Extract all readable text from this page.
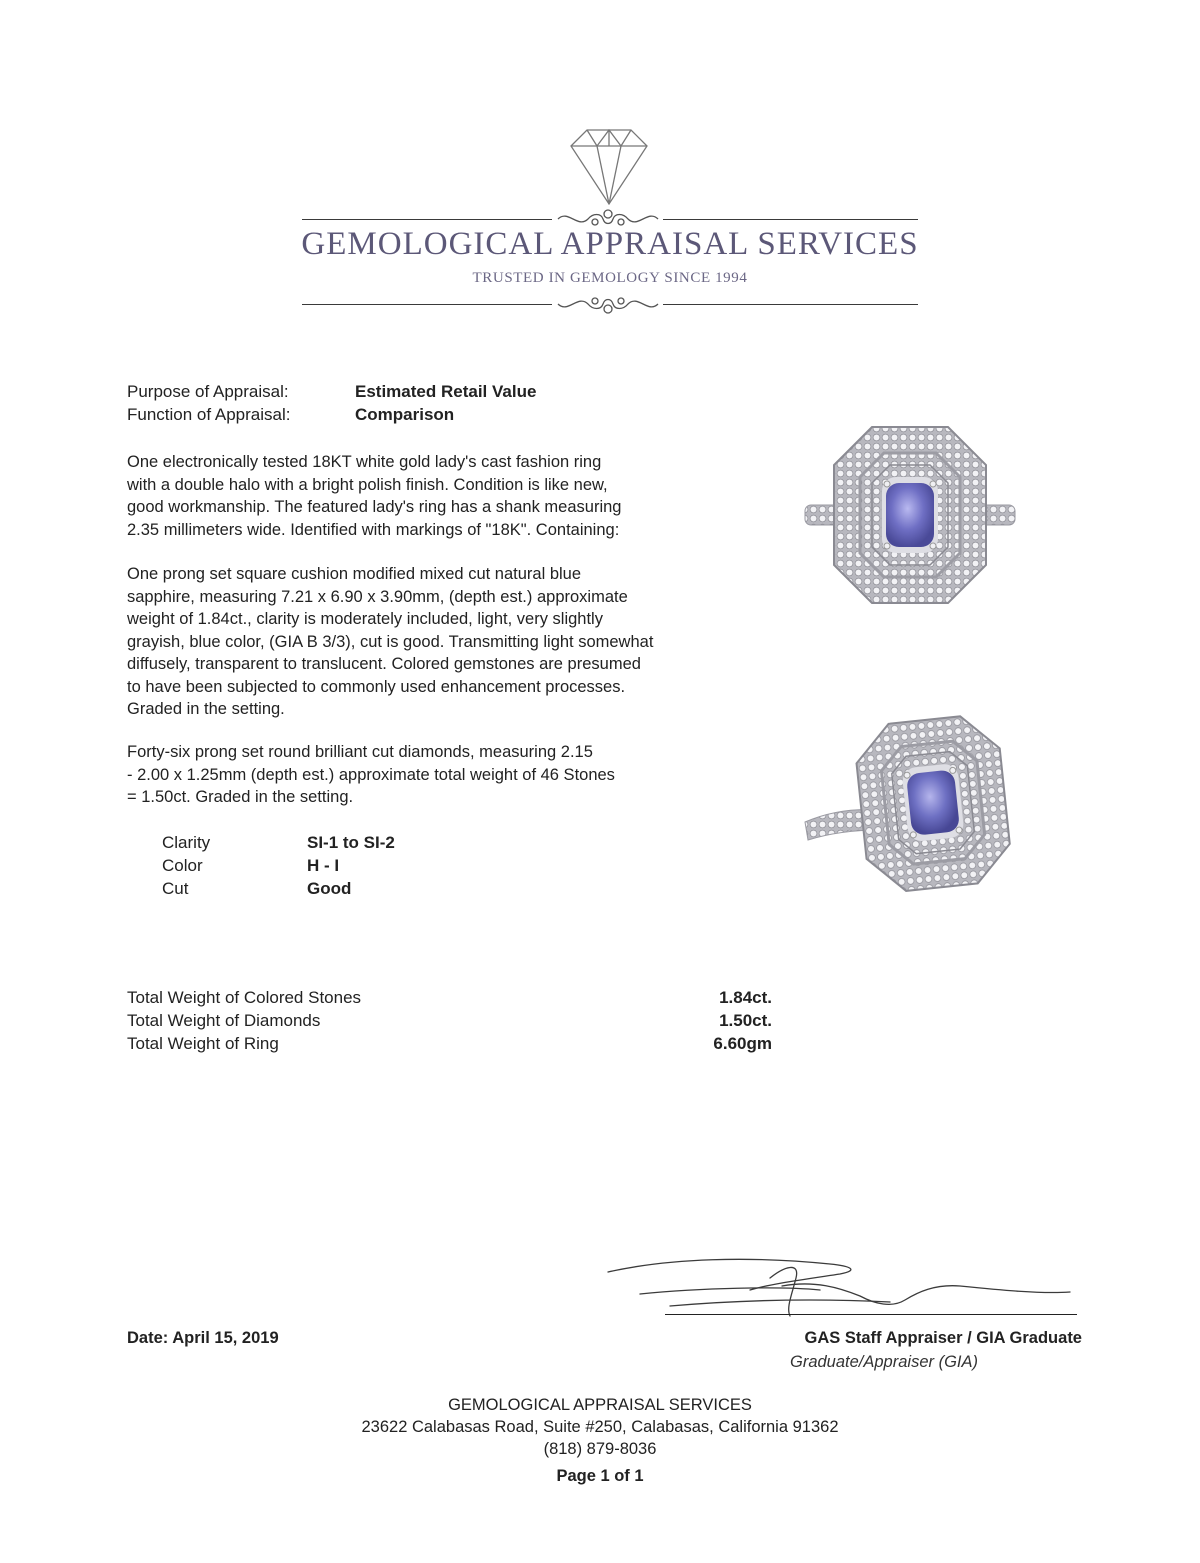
GEMOLOGICAL APPRAISAL SERVICES
TRUSTED IN GEMOLOGY SINCE 1994
Purpose of Appraisal:	Estimated Retail Value
Function of Appraisal:	Comparison
One electronically tested 18KT white gold lady's cast fashion ring
with a double halo with a bright polish finish. Condition is like new,
good workmanship. The featured lady's ring has a shank measuring
2.35 millimeters wide. Identified with markings of "18K". Containing:
One prong set square cushion modified mixed cut natural blue
sapphire, measuring 7.21 x 6.90 x 3.90mm, (depth est.) approximate
weight of 1.84ct., clarity is moderately included, light, very slightly
grayish, blue color, (GIA B 3/3), cut is good. Transmitting light somewhat
diffusely, transparent to translucent. Colored gemstones are presumed
to have been subjected to commonly used enhancement processes.
Graded in the setting.
Forty-six prong set round brilliant cut diamonds, measuring 2.15
- 2.00 x 1.25mm (depth est.) approximate total weight of 46 Stones
= 1.50ct. Graded in the setting.
Clarity	SI-1 to SI-2
Color	H - I
Cut	Good
Total Weight of Colored Stones	1.84ct.
Total Weight of Diamonds	1.50ct.
Total Weight of Ring	6.60gm
Date: April 15, 2019	GAS Staff Appraiser / GIA Graduate
Graduate/Appraiser (GIA)
GEMOLOGICAL APPRAISAL SERVICES
23622 Calabasas Road, Suite #250, Calabasas, California 91362
(818) 879-8036
Page 1 of 1
